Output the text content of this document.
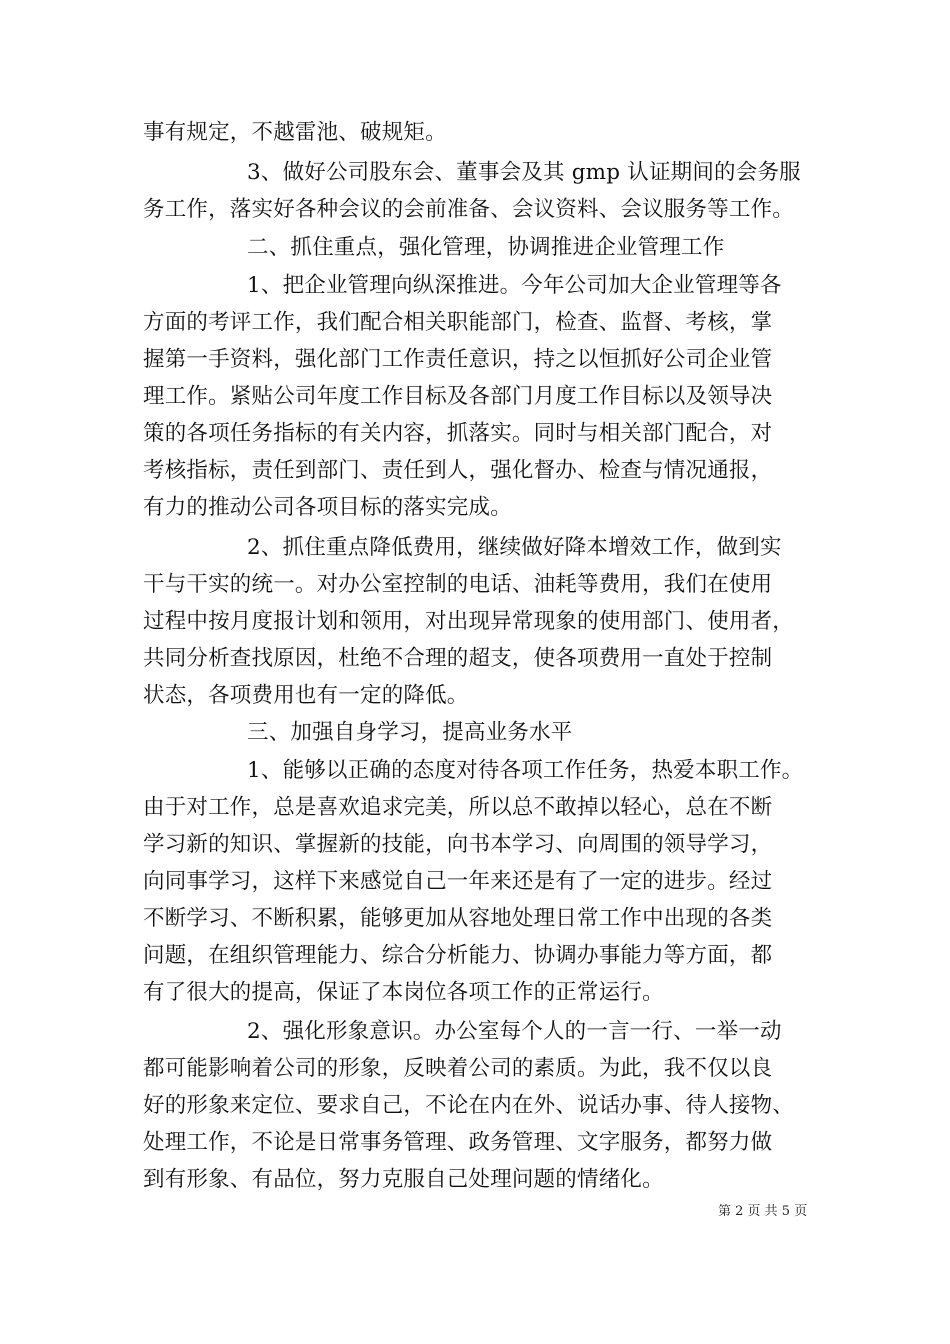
事有规定，不越雷池、破规矩。
3、做好公司股东会、董事会及其 gmp 认证期间的会务服
务工作，落实好各种会议的会前准备、会议资料、会议服务等工作。
二、抓住重点，强化管理，协调推进企业管理工作
1、把企业管理向纵深推进。今年公司加大企业管理等各
方面的考评工作，我们配合相关职能部门，检查、监督、考核，掌
握第一手资料，强化部门工作责任意识，持之以恒抓好公司企业管
理工作。紧贴公司年度工作目标及各部门月度工作目标以及领导决
策的各项任务指标的有关内容，抓落实。同时与相关部门配合，对
考核指标，责任到部门、责任到人，强化督办、检查与情况通报，
有力的推动公司各项目标的落实完成。
2、抓住重点降低费用，继续做好降本增效工作，做到实
干与干实的统一。对办公室控制的电话、油耗等费用，我们在使用
过程中按月度报计划和领用，对出现异常现象的使用部门、使用者，
共同分析查找原因，杜绝不合理的超支，使各项费用一直处于控制
状态，各项费用也有一定的降低。
三、加强自身学习，提高业务水平
1、能够以正确的态度对待各项工作任务，热爱本职工作。
由于对工作，总是喜欢追求完美，所以总不敢掉以轻心，总在不断
学习新的知识、掌握新的技能，向书本学习、向周围的领导学习，
向同事学习，这样下来感觉自己一年来还是有了一定的进步。经过
不断学习、不断积累，能够更加从容地处理日常工作中出现的各类
问题，在组织管理能力、综合分析能力、协调办事能力等方面，都
有了很大的提高，保证了本岗位各项工作的正常运行。
2、强化形象意识。办公室每个人的一言一行、一举一动
都可能影响着公司的形象，反映着公司的素质。为此，我不仅以良
好的形象来定位、要求自己，不论在内在外、说话办事、待人接物、
处理工作，不论是日常事务管理、政务管理、文字服务，都努力做
到有形象、有品位，努力克服自己处理问题的情绪化。
第 2 页 共 5 页
